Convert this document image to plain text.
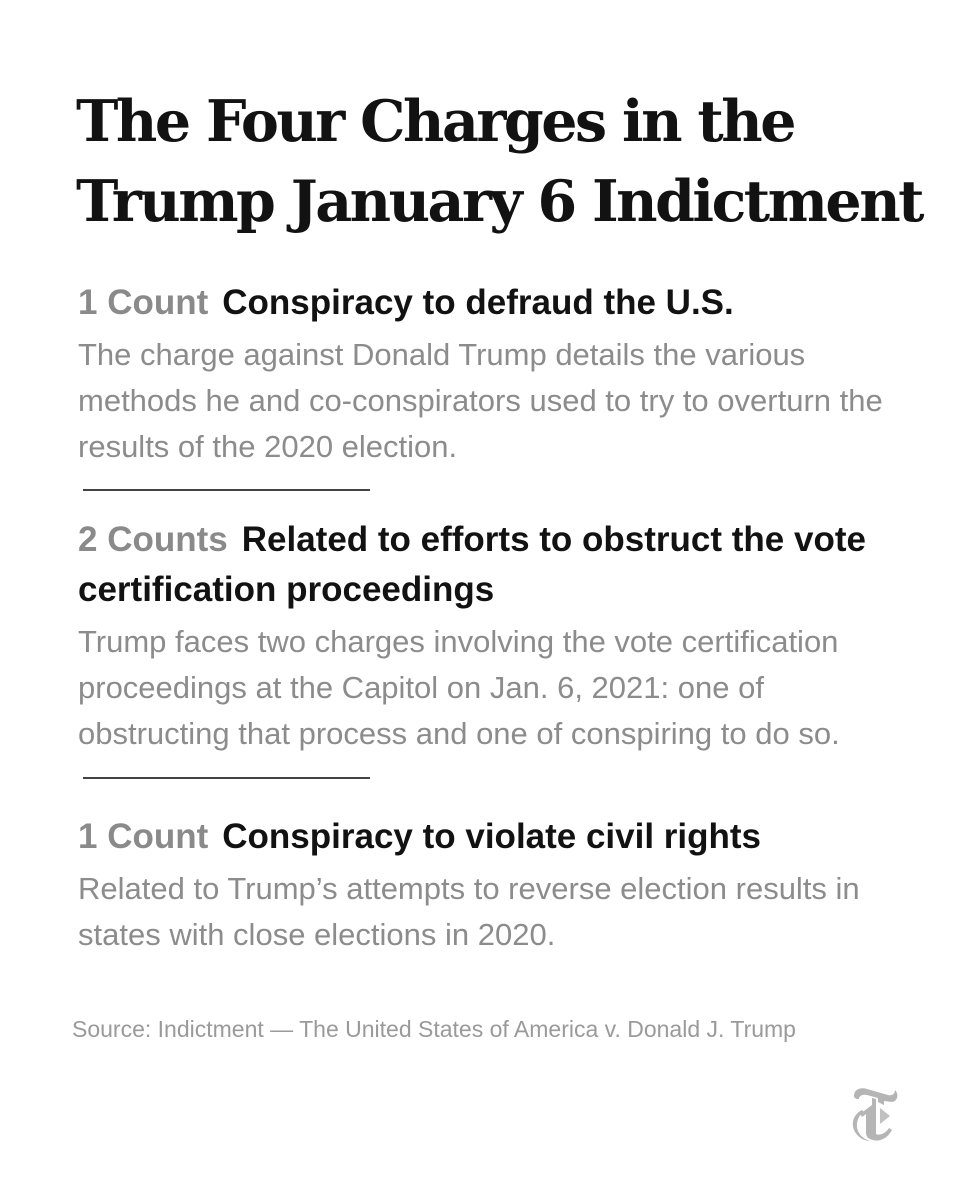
The Four Charges in the Trump January 6 Indictment

1 Count Conspiracy to defraud the U.S.

The charge against Donald Trump details the various methods he and co-conspirators used to try to overturn the results of the 2020 election.

2 Counts Related to efforts to obstruct the vote certification proceedings

Trump faces two charges involving the vote certification proceedings at the Capitol on Jan. 6, 2021: one of obstructing that process and one of conspiring to do so.

1 Count Conspiracy to violate civil rights

Related to Trump’s attempts to reverse election results in states with close elections in 2020.

Source: Indictment — The United States of America v. Donald J. Trump
